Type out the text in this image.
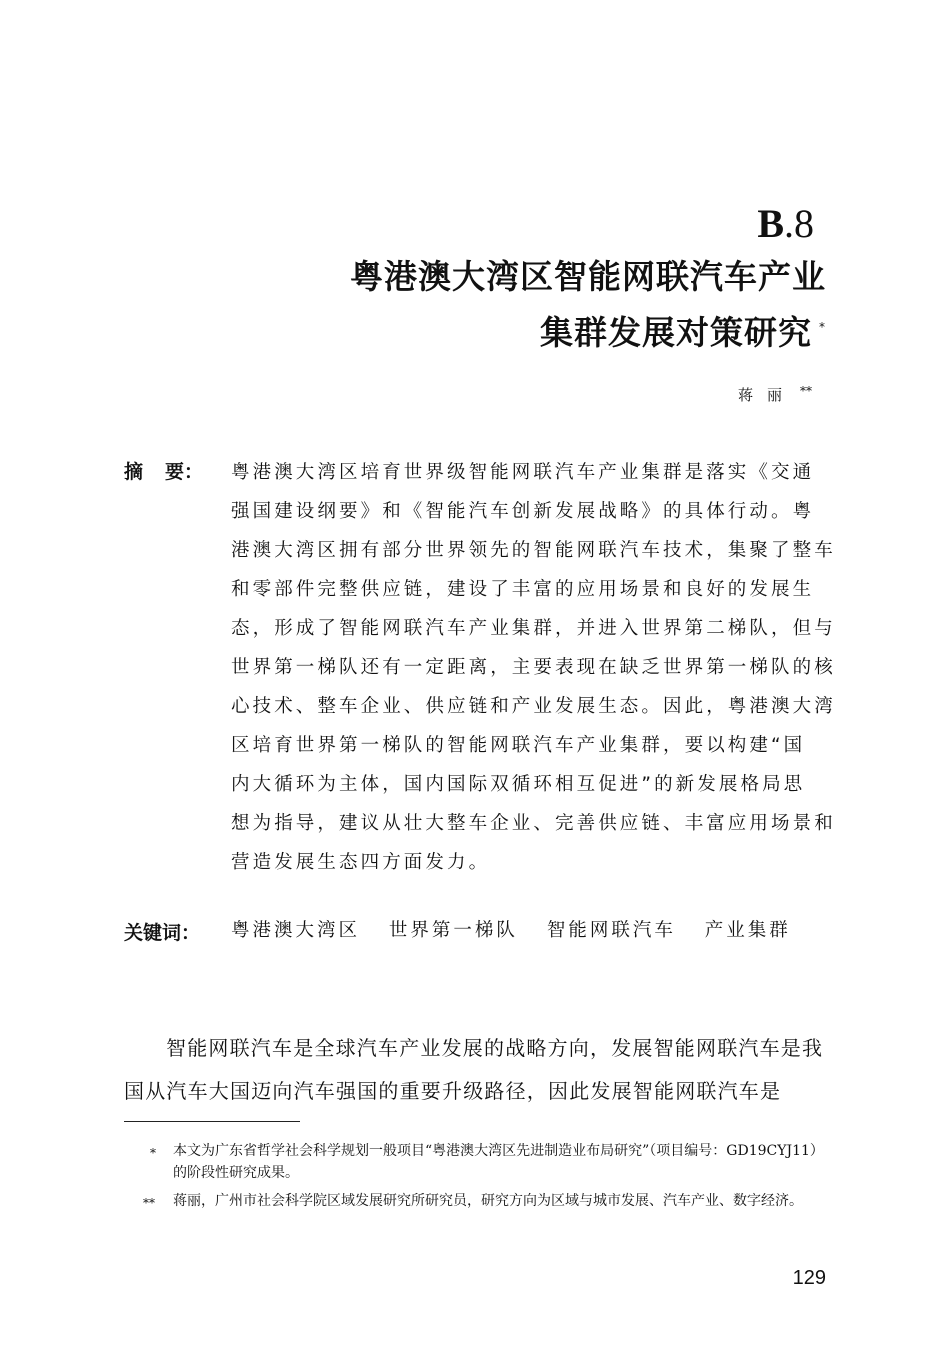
B.8
粤港澳大湾区智能网联汽车产业
集群发展对策研究 *
蒋丽 **
摘 要： 粤港澳大湾区培育世界级智能网联汽车产业集群是落实《交通
强国建设纲要》和《智能汽车创新发展战略》的具体行动。粤
港澳大湾区拥有部分世界领先的智能网联汽车技术，集聚了整车
和零部件完整供应链，建设了丰富的应用场景和良好的发展生
态，形成了智能网联汽车产业集群，并进入世界第二梯队，但与
世界第一梯队还有一定距离，主要表现在缺乏世界第一梯队的核
心技术、整车企业、供应链和产业发展生态。因此，粤港澳大湾
区培育世界第一梯队的智能网联汽车产业集群，要以构建“国
内大循环为主体，国内国际双循环相互促进”的新发展格局思
想为指导，建议从壮大整车企业、完善供应链、丰富应用场景和
营造发展生态四方面发力。
关键词： 粤港澳大湾区 世界第一梯队 智能网联汽车 产业集群
智能网联汽车是全球汽车产业发展的战略方向，发展智能网联汽车是我
国从汽车大国迈向汽车强国的重要升级路径，因此发展智能网联汽车是
* 本文为广东省哲学社会科学规划一般项目“粤港澳大湾区先进制造业布局研究”（项目编号：GD19CYJ11）的阶段性研究成果。
** 蒋丽，广州市社会科学院区域发展研究所研究员，研究方向为区域与城市发展、汽车产业、数字经济。
129
